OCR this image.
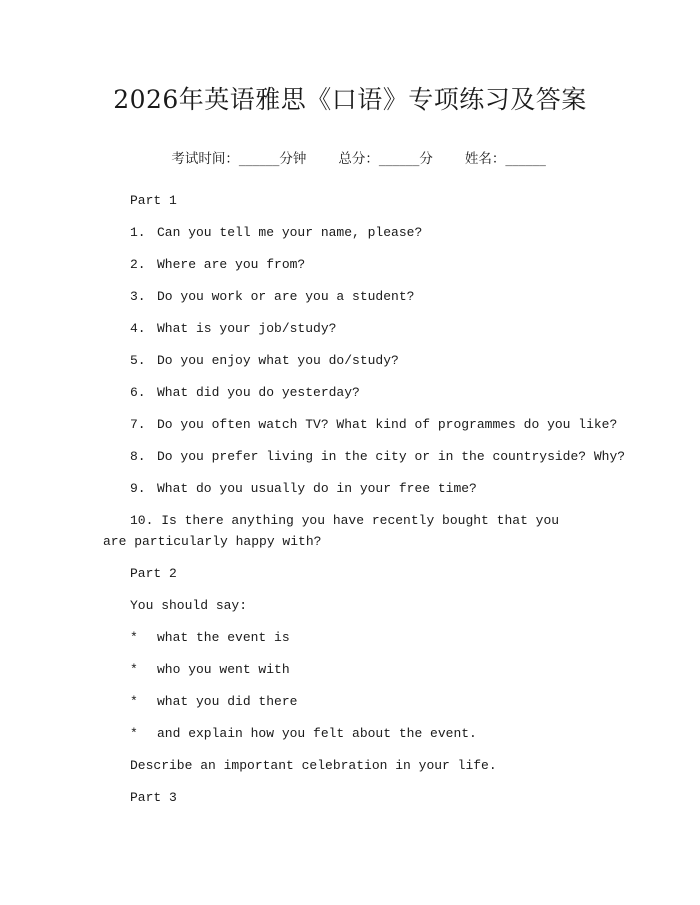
2026年英语雅思《口语》专项练习及答案

考试时间：______分钟 总分：______分 姓名：______

Part 1
1. Can you tell me your name, please?
2. Where are you from?
3. Do you work or are you a student?
4. What is your job/study?
5. Do you enjoy what you do/study?
6. What did you do yesterday?
7. Do you often watch TV? What kind of programmes do you like?
8. Do you prefer living in the city or in the countryside? Why?
9. What do you usually do in your free time?
10. Is there anything you have recently bought that you are particularly happy with?
Part 2
You should say:
* what the event is
* who you went with
* what you did there
* and explain how you felt about the event.
Describe an important celebration in your life.
Part 3
